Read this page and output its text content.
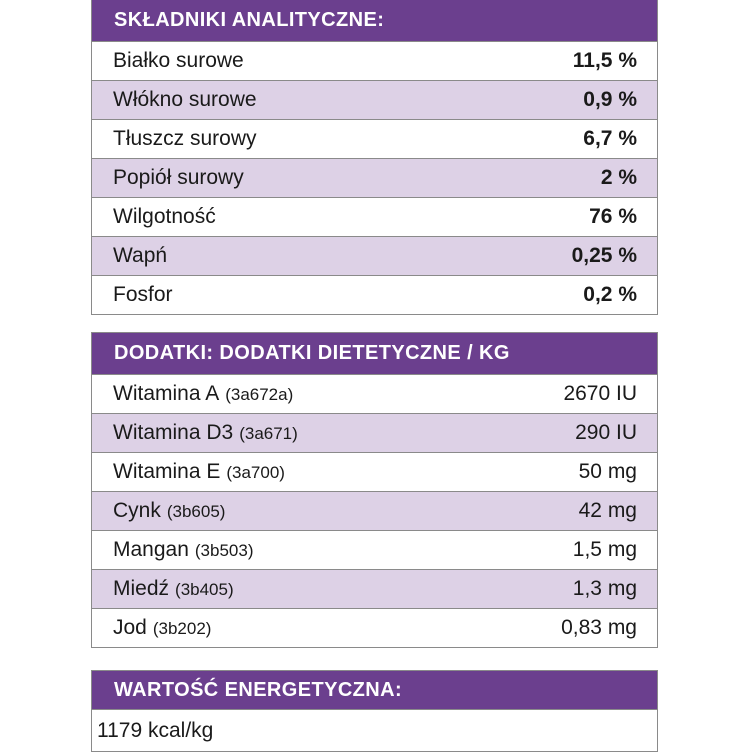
SKŁADNIKI ANALITYCZNE:
Białko surowe	11,5 %
Włókno surowe	0,9 %
Tłuszcz surowy	6,7 %
Popiół surowy	2 %
Wilgotność	76 %
Wapń	0,25 %
Fosfor	0,2 %
DODATKI: DODATKI DIETETYCZNE / KG
Witamina A (3a672a)	2670 IU
Witamina D3 (3a671)	290 IU
Witamina E (3a700)	50 mg
Cynk (3b605)	42 mg
Mangan (3b503)	1,5 mg
Miedź (3b405)	1,3 mg
Jod (3b202)	0,83 mg
WARTOŚĆ ENERGETYCZNA:
1179 kcal/kg
